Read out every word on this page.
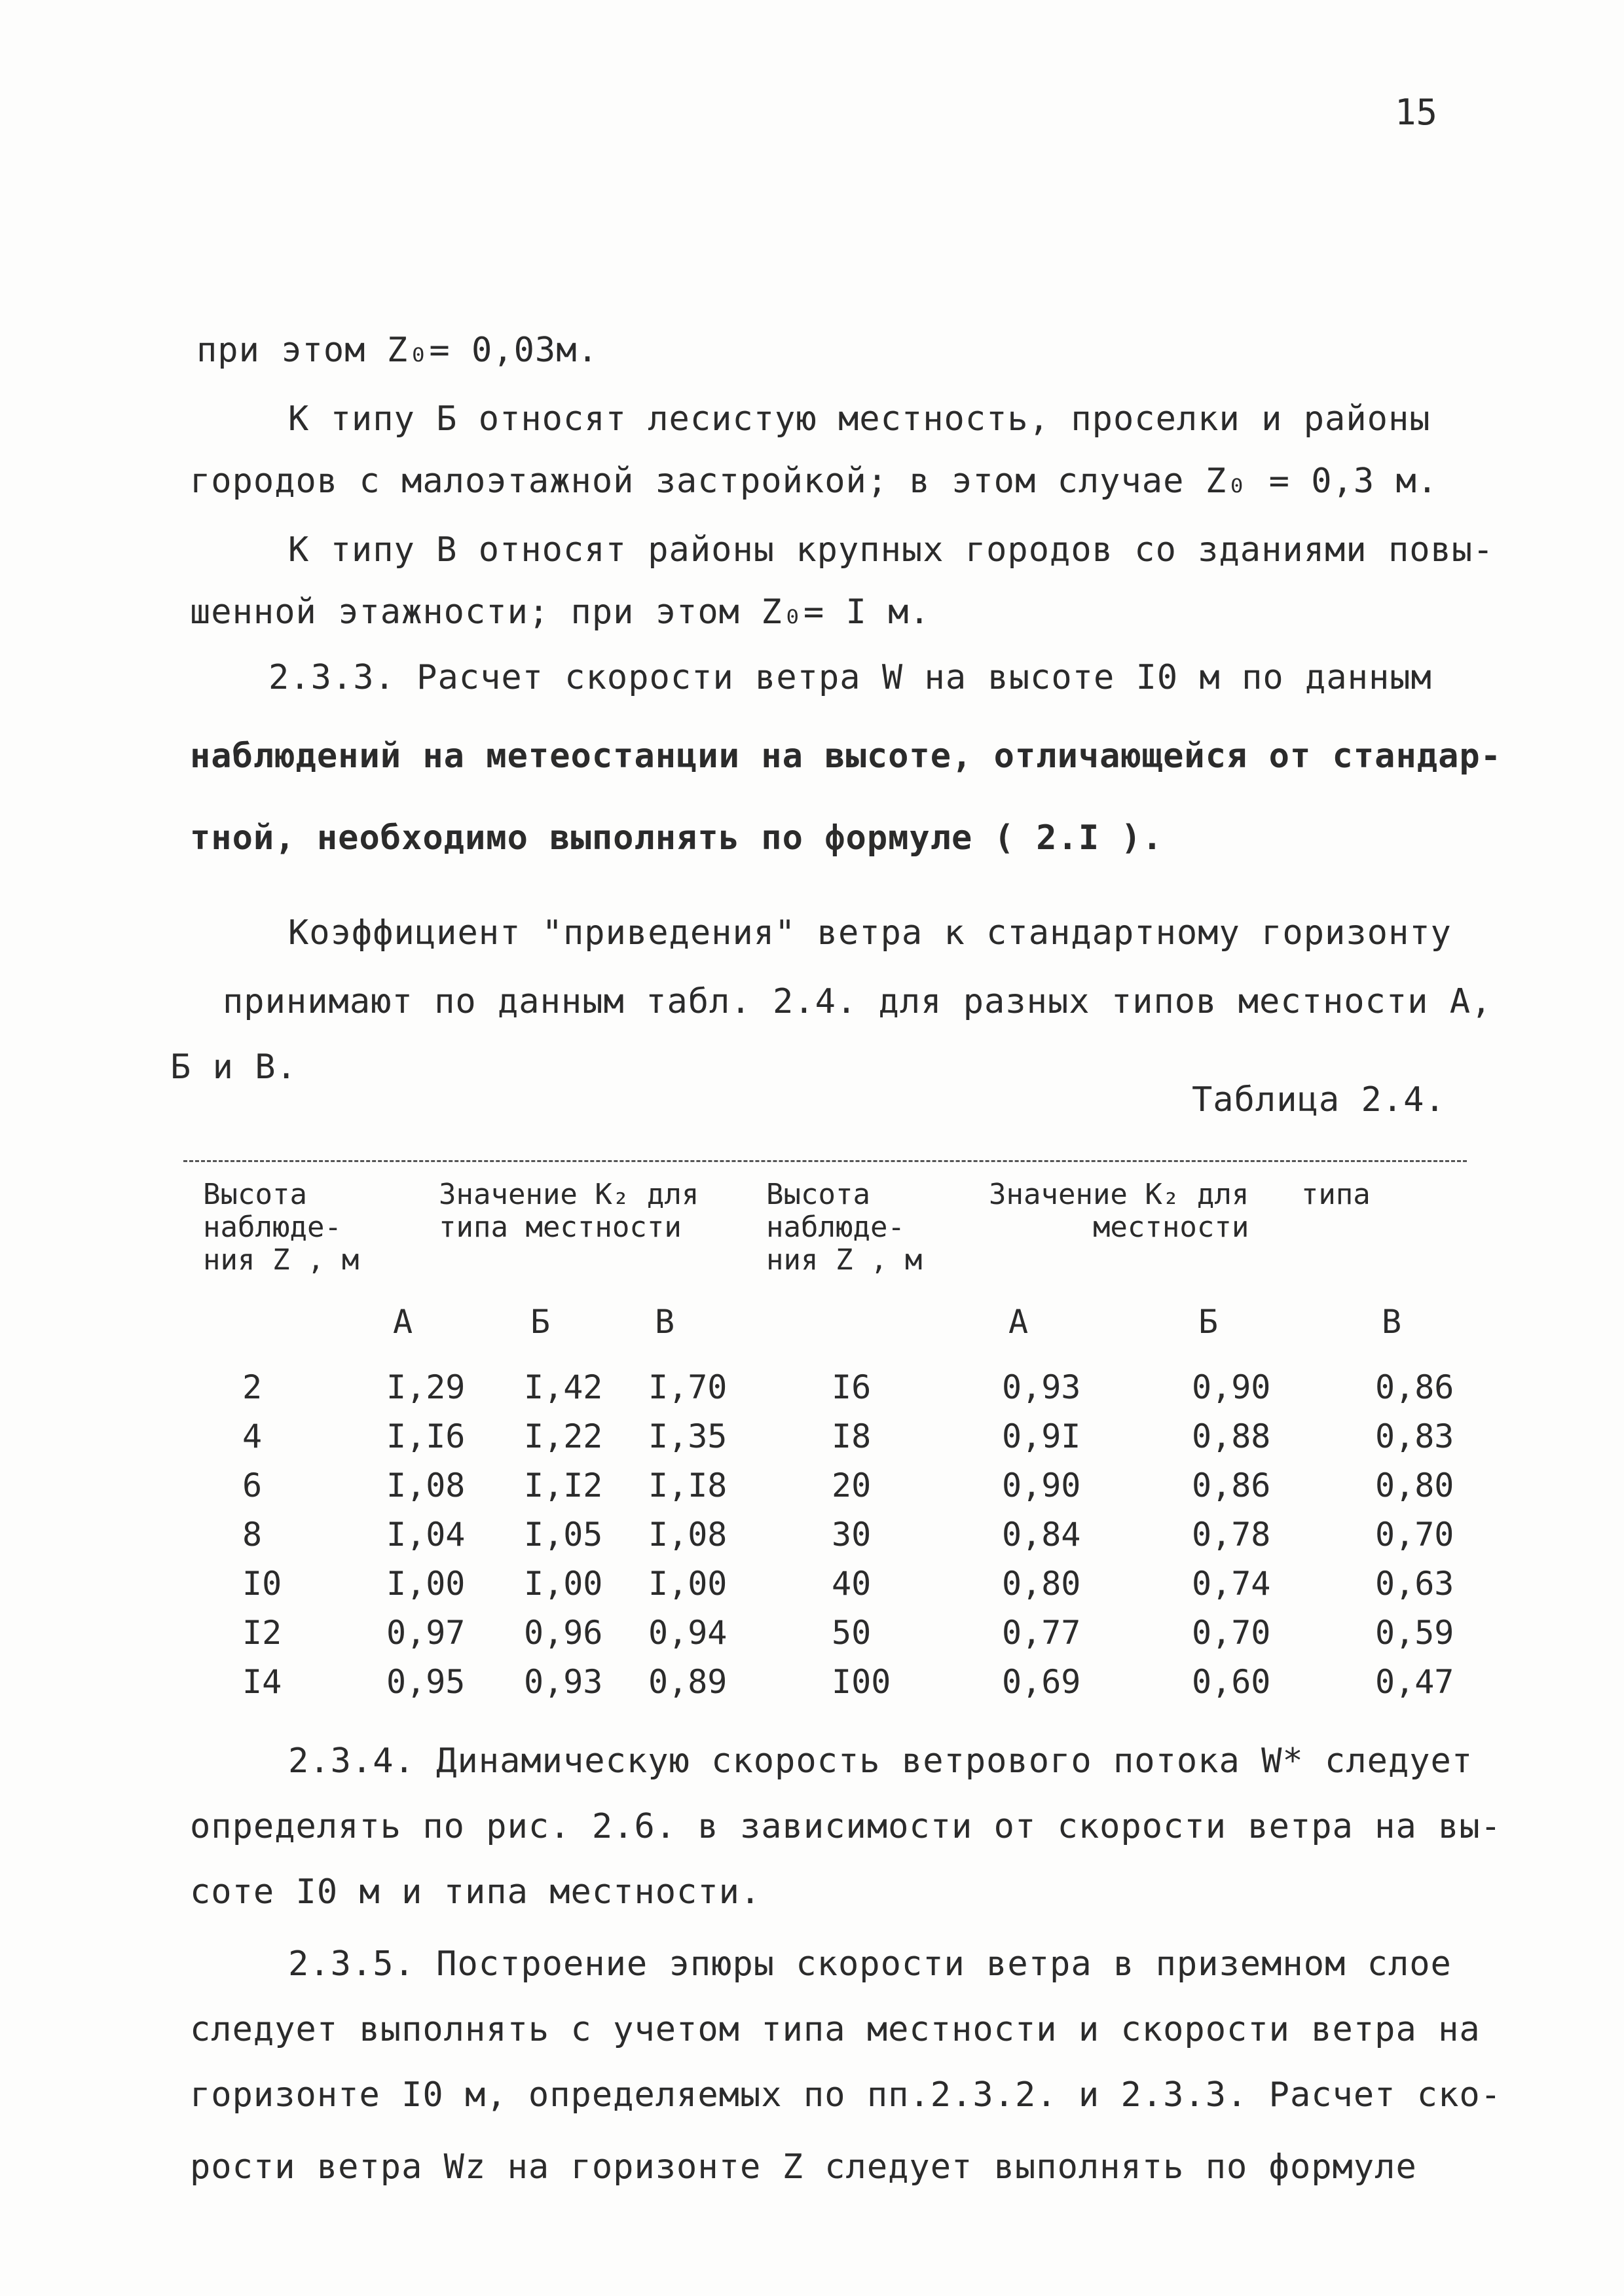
15
при этом Z₀= 0,03м.
К типу Б относят лесистую местность, проселки и районы
городов с малоэтажной застройкой; в этом случае Z₀ = 0,3 м.
К типу В относят районы крупных городов со зданиями повы-
шенной этажности; при этом Z₀= I м.
2.3.3. Расчет скорости ветра W на высоте I0 м по данным
наблюдений на метеостанции на высоте, отличающейся от стандар-
тной, необходимо выполнять по формуле ( 2.I ).
Коэффициент "приведения" ветра к стандартному горизонту
принимают по данным табл. 2.4. для разных типов местности А,
Б и В.
Таблица 2.4.
Высота
наблюде-
ния Z , м
Значение K₂ для
типа местности
Высота
наблюде-
ния Z , м
Значение K₂ для   типа
местности
А	Б	В	А	Б	В
2	I,29 I,42 I,70	I6	0,93	0,90	0,86
4	I,I6 I,22 I,35	I8	0,9I	0,88	0,83
6	I,08 I,I2 I,I8	20	0,90	0,86	0,80
8	I,04 I,05 I,08	30	0,84	0,78	0,70
I0	I,00 I,00 I,00	40	0,80	0,74	0,63
I2	0,97 0,96 0,94	50	0,77	0,70	0,59
I4	0,95 0,93 0,89	I00	0,69	0,60	0,47
2.3.4. Динамическую скорость ветрового потока W* следует
определять по рис. 2.6. в зависимости от скорости ветра на вы-
соте I0 м и типа местности.
2.3.5. Построение эпюры скорости ветра в приземном слое
следует выполнять с учетом типа местности и скорости ветра на
горизонте I0 м, определяемых по пп.2.3.2. и 2.3.3. Расчет ско-
рости ветра Wz на горизонте Z следует выполнять по формуле
